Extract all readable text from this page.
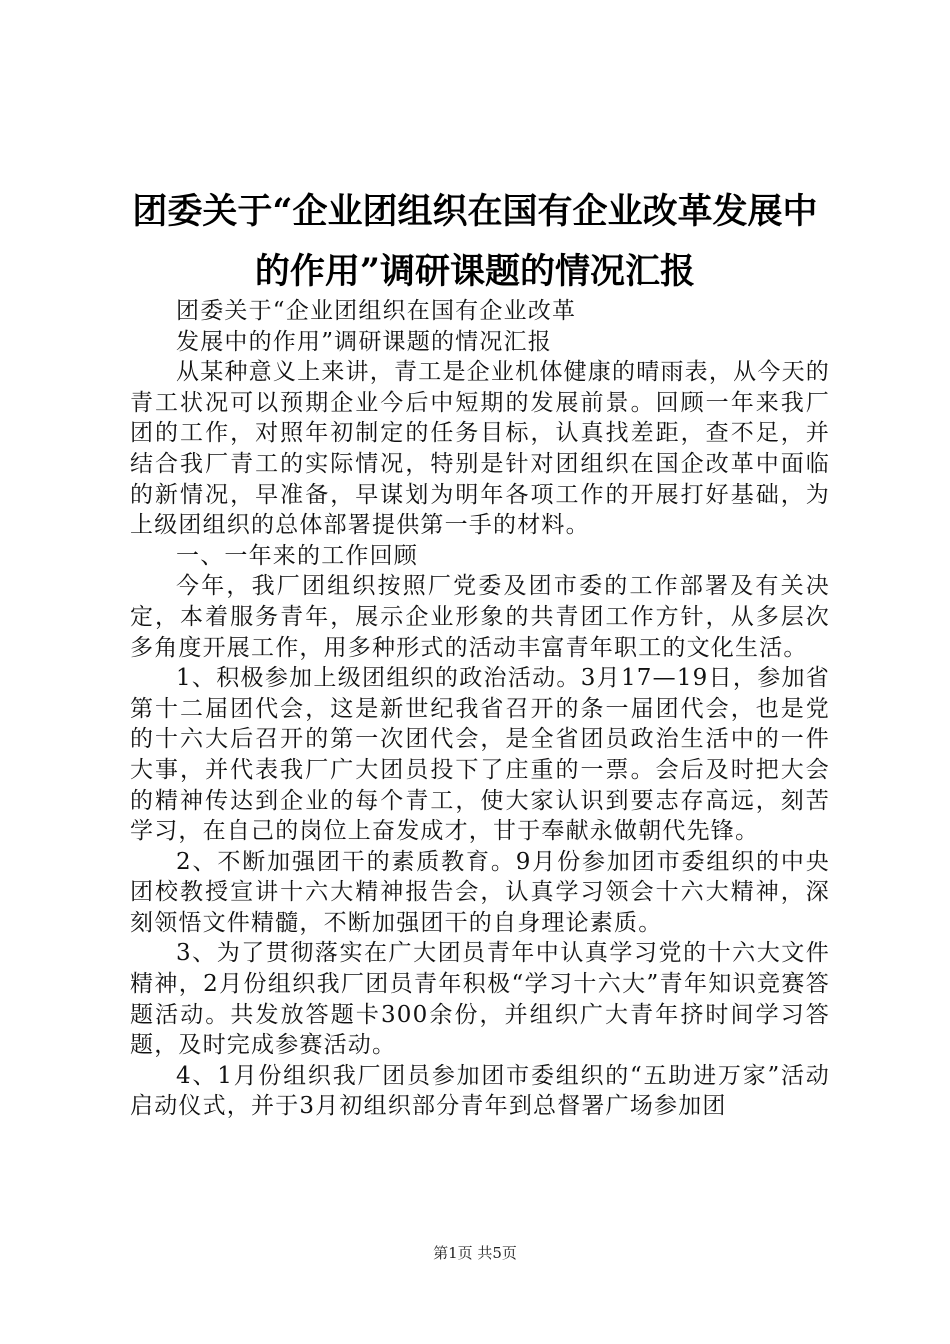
团委关于“企业团组织在国有企业改革发展中
的作用”调研课题的情况汇报

团委关于“企业团组织在国有企业改革

发展中的作用”调研课题的情况汇报

从某种意义上来讲，青工是企业机体健康的晴雨表，从今天的青工状况可以预期企业今后中短期的发展前景。回顾一年来我厂团的工作，对照年初制定的任务目标，认真找差距，查不足，并结合我厂青工的实际情况，特别是针对团组织在国企改革中面临的新情况，早准备，早谋划为明年各项工作的开展打好基础，为上级团组织的总体部署提供第一手的材料。

一、一年来的工作回顾

今年，我厂团组织按照厂党委及团市委的工作部署及有关决定，本着服务青年，展示企业形象的共青团工作方针，从多层次多角度开展工作，用多种形式的活动丰富青年职工的文化生活。

1、积极参加上级团组织的政治活动。3月17—19日，参加省第十二届团代会，这是新世纪我省召开的条一届团代会，也是党的十六大后召开的第一次团代会，是全省团员政治生活中的一件大事，并代表我厂广大团员投下了庄重的一票。会后及时把大会的精神传达到企业的每个青工，使大家认识到要志存高远，刻苦学习，在自己的岗位上奋发成才，甘于奉献永做朝代先锋。

2、不断加强团干的素质教育。9月份参加团市委组织的中央团校教授宣讲十六大精神报告会，认真学习领会十六大精神，深刻领悟文件精髓，不断加强团干的自身理论素质。

3、为了贯彻落实在广大团员青年中认真学习党的十六大文件精神，2月份组织我厂团员青年积极“学习十六大”青年知识竞赛答题活动。共发放答题卡300余份，并组织广大青年挤时间学习答题，及时完成参赛活动。

4、1月份组织我厂团员参加团市委组织的“五助进万家”活动启动仪式，并于3月初组织部分青年到总督署广场参加团

第1页 共5页
